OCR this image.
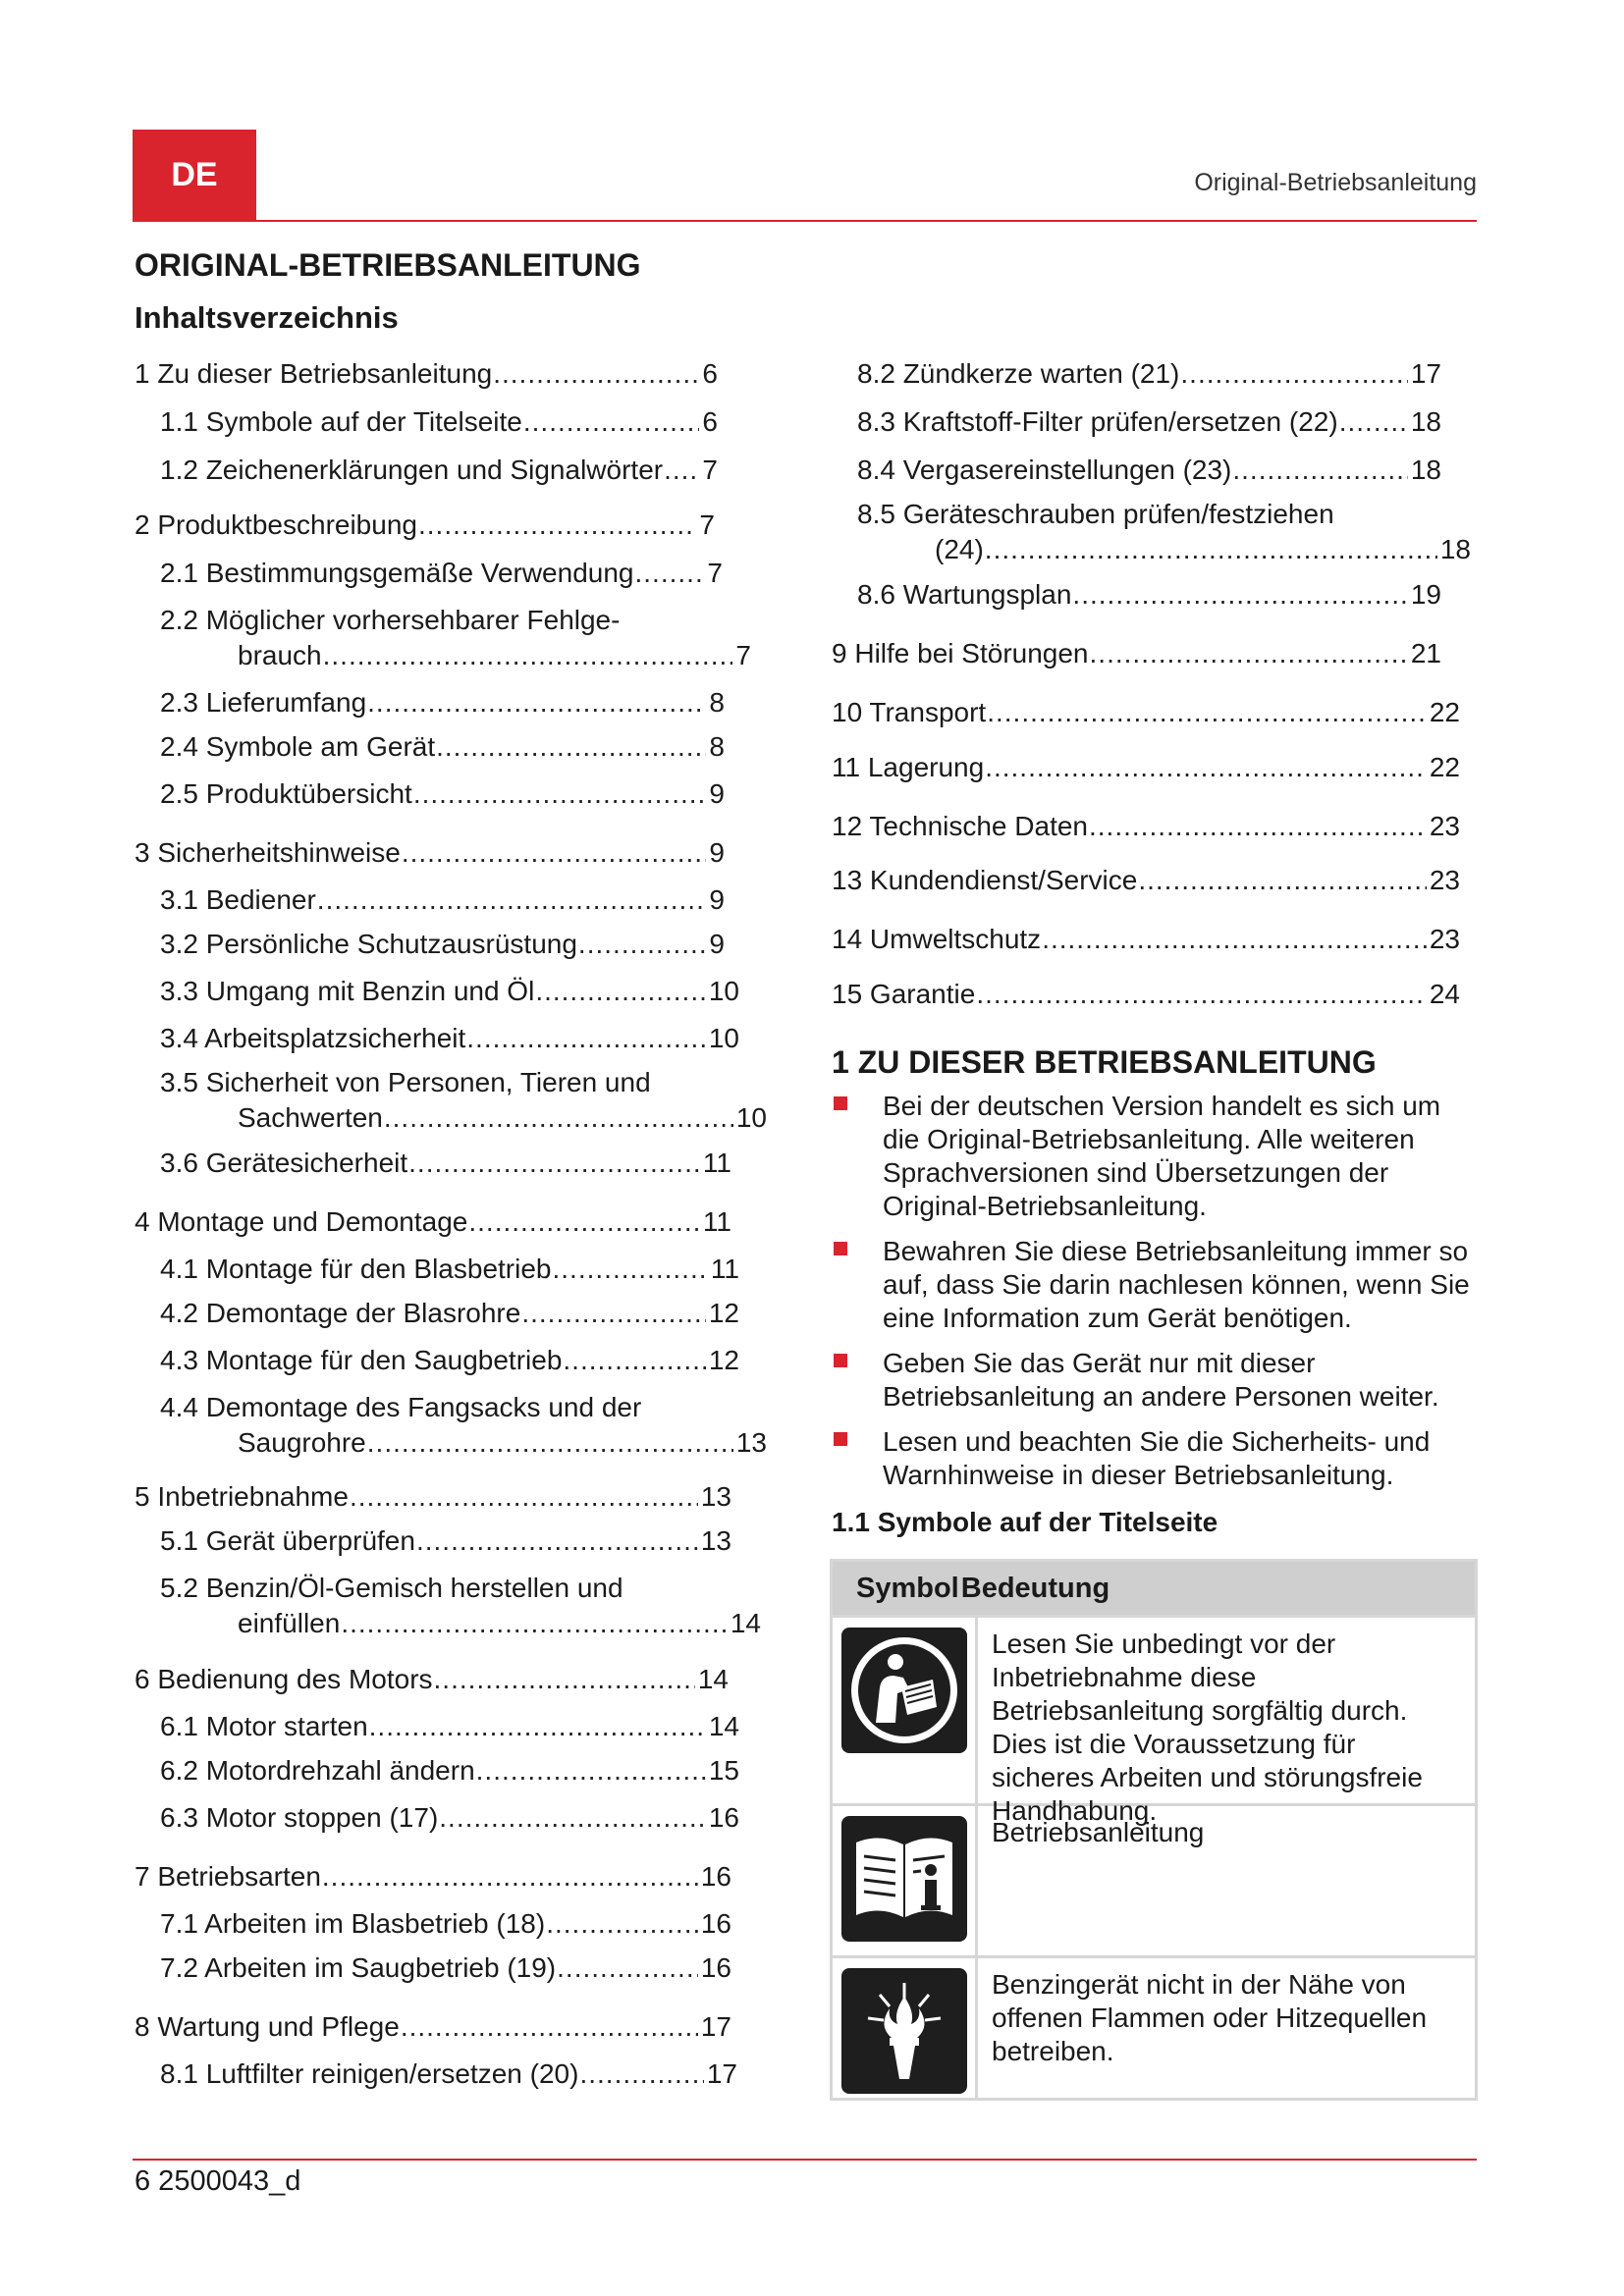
DE	Original-Betriebsanleitung
ORIGINAL-BETRIEBSANLEITUNG
Inhaltsverzeichnis
1 Zu dieser Betriebsanleitung .....	6
1.1 Symbole auf der Titelseite .....	6
1.2 Zeichenerklärungen und Signalwörter ..... 7
2 Produktbeschreibung .....	7
2.1 Bestimmungsgemäße Verwendung .....	7
2.2 Möglicher vorhersehbarer Fehlge-
brauch .....	7
2.3 Lieferumfang .....	8
2.4 Symbole am Gerät .....	8
2.5 Produktübersicht .....	9
3 Sicherheitshinweise .....	9
3.1 Bediener .....	9
3.2 Persönliche Schutzausrüstung .....	9
3.3 Umgang mit Benzin und Öl .....	10
3.4 Arbeitsplatzsicherheit .....	10
3.5 Sicherheit von Personen, Tieren und
Sachwerten .....	10
3.6 Gerätesicherheit .....	11
4 Montage und Demontage .....	11
4.1 Montage für den Blasbetrieb .....	11
4.2 Demontage der Blasrohre .....	12
4.3 Montage für den Saugbetrieb .....	12
4.4 Demontage des Fangsacks und der
Saugrohre .....	13
5 Inbetriebnahme .....	13
5.1 Gerät überprüfen .....	13
5.2 Benzin/Öl-Gemisch herstellen und
einfüllen .....	14
6 Bedienung des Motors .....	14
6.1 Motor starten .....	14
6.2 Motordrehzahl ändern .....	15
6.3 Motor stoppen (17) .....	16
7 Betriebsarten .....	16
7.1 Arbeiten im Blasbetrieb (18) .....	16
7.2 Arbeiten im Saugbetrieb (19) .....	16
8 Wartung und Pflege .....	17
8.1 Luftfilter reinigen/ersetzen (20) .....	17
8.2 Zündkerze warten (21) .....	17
8.3 Kraftstoff-Filter prüfen/ersetzen (22) .....	18
8.4 Vergasereinstellungen (23) .....	18
8.5 Geräteschrauben prüfen/festziehen
(24) .....	18
8.6 Wartungsplan .....	19
9 Hilfe bei Störungen .....	21
10 Transport .....	22
11 Lagerung .....	22
12 Technische Daten .....	23
13 Kundendienst/Service .....	23
14 Umweltschutz .....	23
15 Garantie .....	24
1 ZU DIESER BETRIEBSANLEITUNG
Bei der deutschen Version handelt es sich um die Original-Betriebsanleitung. Alle weiteren Sprachversionen sind Übersetzungen der Original-Betriebsanleitung.
Bewahren Sie diese Betriebsanleitung immer so auf, dass Sie darin nachlesen können, wenn Sie eine Information zum Gerät benötigen.
Geben Sie das Gerät nur mit dieser Betriebsanleitung an andere Personen weiter.
Lesen und beachten Sie die Sicherheits- und Warnhinweise in dieser Betriebsanleitung.
1.1 Symbole auf der Titelseite
Symbol Bedeutung
Lesen Sie unbedingt vor der Inbetriebnahme diese Betriebsanleitung sorgfältig durch. Dies ist die Voraussetzung für sicheres Arbeiten und störungsfreie Handhabung.
Betriebsanleitung
Benzingerät nicht in der Nähe von offenen Flammen oder Hitzequellen betreiben.
6 2500043_d
